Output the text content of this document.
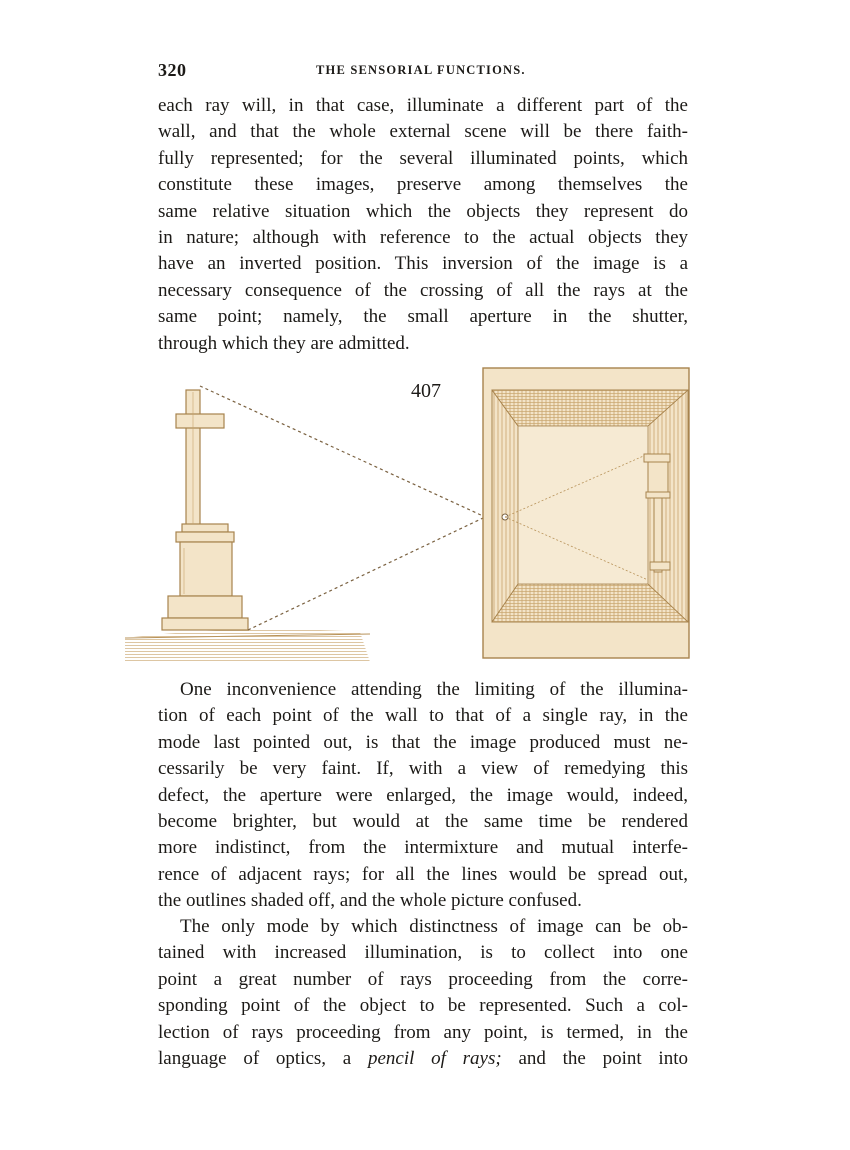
320	THE SENSORIAL FUNCTIONS.
each ray will, in that case, illuminate a different part of the
wall, and that the whole external scene will be there faith-
fully represented; for the several illuminated points, which
constitute these images, preserve among themselves the
same relative situation which the objects they represent do
in nature; although with reference to the actual objects they
have an inverted position. This inversion of the image is a
necessary consequence of the crossing of all the rays at the
same point; namely, the small aperture in the shutter,
through which they are admitted.
407
One inconvenience attending the limiting of the illumina-
tion of each point of the wall to that of a single ray, in the
mode last pointed out, is that the image produced must ne-
cessarily be very faint. If, with a view of remedying this
defect, the aperture were enlarged, the image would, indeed,
become brighter, but would at the same time be rendered
more indistinct, from the intermixture and mutual interfe-
rence of adjacent rays; for all the lines would be spread out,
the outlines shaded off, and the whole picture confused.
The only mode by which distinctness of image can be ob-
tained with increased illumination, is to collect into one
point a great number of rays proceeding from the corre-
sponding point of the object to be represented. Such a col-
lection of rays proceeding from any point, is termed, in the
language of optics, a pencil of rays; and the point into
